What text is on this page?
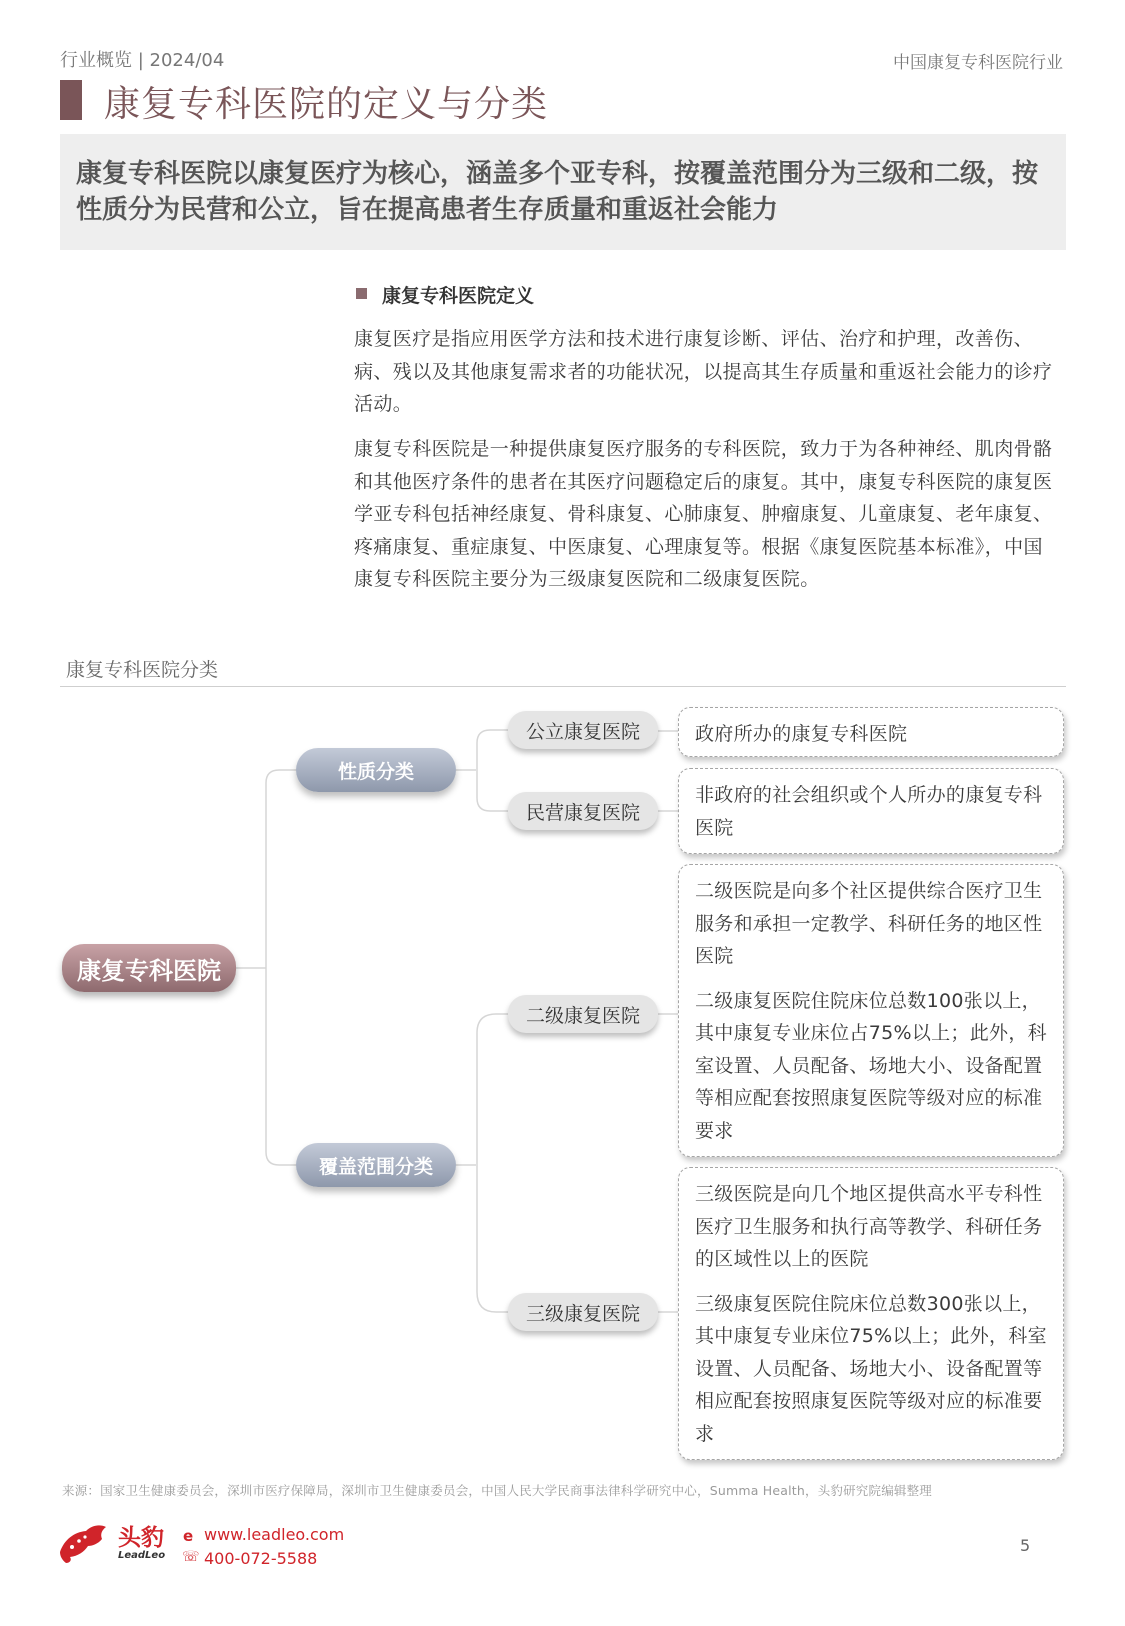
行业概览 | 2024/04	中国康复专科医院行业
康复专科医院的定义与分类
康复专科医院以康复医疗为核心，涵盖多个亚专科，按覆盖范围分为三级和二级，按性质分为民营和公立，旨在提高患者生存质量和重返社会能力
康复专科医院定义

康复医疗是指应用医学方法和技术进行康复诊断、评估、治疗和护理，改善伤、病、残以及其他康复需求者的功能状况，以提高其生存质量和重返社会能力的诊疗活动。

康复专科医院是一种提供康复医疗服务的专科医院，致力于为各种神经、肌肉骨骼和其他医疗条件的患者在其医疗问题稳定后的康复。其中，康复专科医院的康复医学亚专科包括神经康复、骨科康复、心肺康复、肿瘤康复、儿童康复、老年康复、疼痛康复、重症康复、中医康复、心理康复等。根据《康复医院基本标准》，中国康复专科医院主要分为三级康复医院和二级康复医院。

康复专科医院分类
康复专科医院
性质分类
覆盖范围分类
公立康复医院
民营康复医院
二级康复医院
三级康复医院

政府所办的康复专科医院

非政府的社会组织或个人所办的康复专科医院

二级医院是向多个社区提供综合医疗卫生服务和承担一定教学、科研任务的地区性医院

二级康复医院住院床位总数100张以上，其中康复专业床位占75%以上；此外，科室设置、人员配备、场地大小、设备配置等相应配套按照康复医院等级对应的标准要求

三级医院是向几个地区提供高水平专科性医疗卫生服务和执行高等教学、科研任务的区域性以上的医院

三级康复医院住院床位总数300张以上，其中康复专业床位75%以上；此外，科室设置、人员配备、场地大小、设备配置等相应配套按照康复医院等级对应的标准要求

来源：国家卫生健康委员会，深圳市医疗保障局，深圳市卫生健康委员会，中国人民大学民商事法律科学研究中心，Summa Health，头豹研究院编辑整理
头豹
LeadLeo
e www.leadleo.com
☏ 400-072-5588
5
